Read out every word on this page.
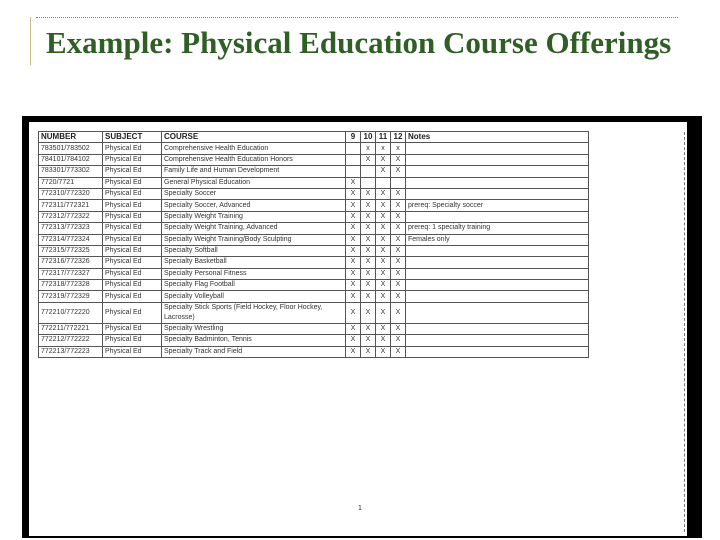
Example: Physical Education Course Offerings
NUMBER	SUBJECT	COURSE	9	10	11	12	Notes
783501/783502	Physical Ed	Comprehensive Health Education		x	x	x	
784101/784102	Physical Ed	Comprehensive Health Education Honors		X	X	X	
783301/773302	Physical Ed	Family Life and Human Development			X	X	
7720/7721	Physical Ed	General Physical Education	X				
772310/772320	Physical Ed	Specialty Soccer	X	X	X	X	
772311/772321	Physical Ed	Specialty Soccer, Advanced	X	X	X	X	prereq: Specialty soccer
772312/772322	Physical Ed	Specialty Weight Training	X	X	X	X	
772313/772323	Physical Ed	Specialty Weight Training, Advanced	X	X	X	X	prereq: 1 specialty training
772314/772324	Physical Ed	Specialty Weight Training/Body Sculpting	X	X	X	X	Females only
772315/772325	Physical Ed	Specialty Softball	X	X	X	X	
772316/772326	Physical Ed	Specialty Basketball	X	X	X	X	
772317/772327	Physical Ed	Specialty Personal Fitness	X	X	X	X	
772318/772328	Physical Ed	Specialty Flag Football	X	X	X	X	
772319/772329	Physical Ed	Specialty Volleyball	X	X	X	X	
772210/772220	Physical Ed	Specialty Stick Sports (Field Hockey, Floor Hockey, Lacrosse)	X	X	X	X	
772211/772221	Physical Ed	Specialty Wrestling	X	X	X	X	
772212/772222	Physical Ed	Specialty Badminton, Tennis	X	X	X	X	
772213/772223	Physical Ed	Specialty Track and Field	X	X	X	X	
1
